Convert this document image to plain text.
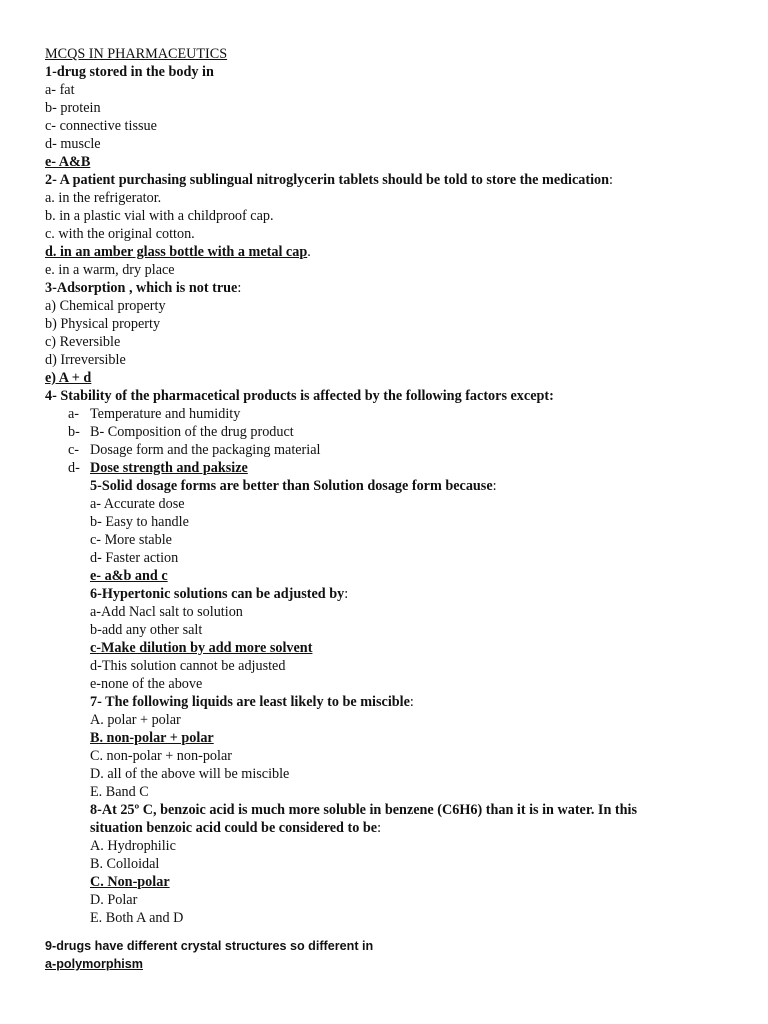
MCQS IN PHARMACEUTICS
1-drug stored in the body in
a- fat
b- protein
c- connective tissue
d- muscle
e- A&B
2- A patient purchasing sublingual nitroglycerin tablets should be told to store the medication:
a. in the refrigerator.
b. in a plastic vial with a childproof cap.
c. with the original cotton.
d. in an amber glass bottle with a metal cap.
e. in a warm, dry place
3-Adsorption , which is not true:
a) Chemical property
b) Physical property
c) Reversible
d) Irreversible
e) A + d
4- Stability of the pharmacetical products is affected by the following factors except:
a- Temperature and humidity
b- B- Composition of the drug product
c- Dosage form and the packaging material
d- Dose strength and paksize
5-Solid dosage forms are better than Solution dosage form because:
a- Accurate dose
b- Easy to handle
c- More stable
d- Faster action
e- a&b and c
6-Hypertonic solutions can be adjusted by:
a-Add Nacl salt to solution
b-add any other salt
c-Make dilution by add more solvent
d-This solution cannot be adjusted
e-none of the above
7- The following liquids are least likely to be miscible:
A. polar + polar
B. non-polar + polar
C. non-polar + non-polar
D. all of the above will be miscible
E. Band C
8-At 25º C, benzoic acid is much more soluble in benzene (C6H6) than it is in water. In this
situation benzoic acid could be considered to be:
A. Hydrophilic
B. Colloidal
C. Non-polar
D. Polar
E. Both A and D
9-drugs have different crystal structures so different in
a-polymorphism
